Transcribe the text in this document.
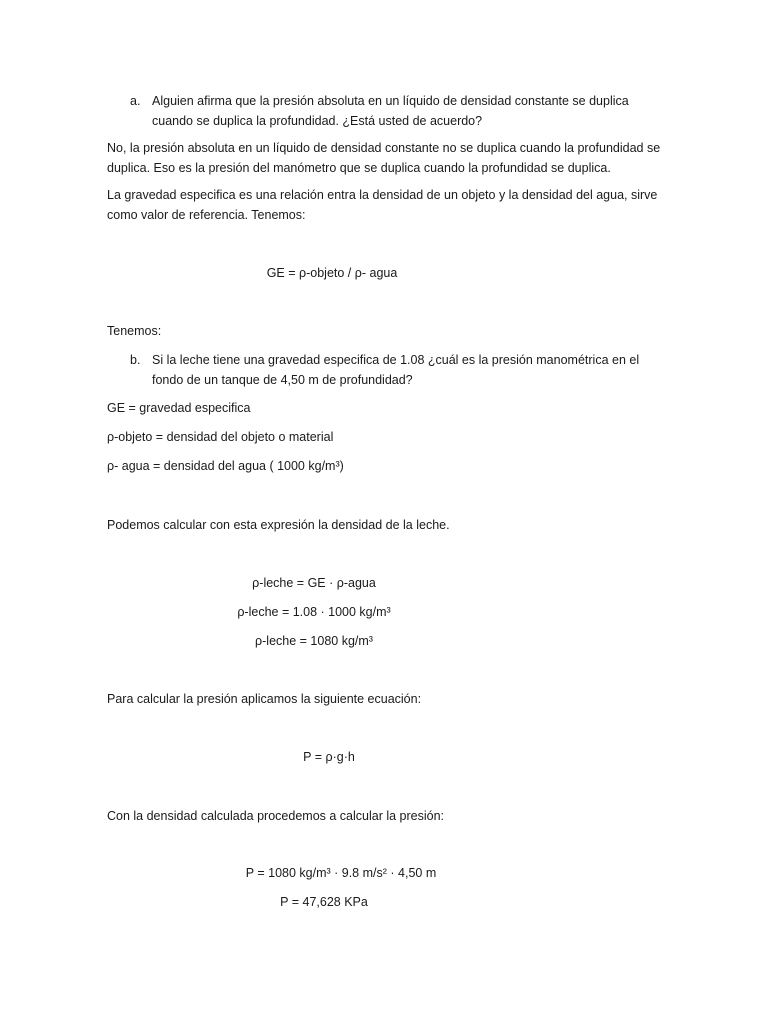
a. Alguien afirma que la presión absoluta en un líquido de densidad constante se duplica cuando se duplica la profundidad. ¿Está usted de acuerdo?

No, la presión absoluta en un líquido de densidad constante no se duplica cuando la profundidad se duplica. Eso es la presión del manómetro que se duplica cuando la profundidad se duplica.

La gravedad especifica es una relación entra la densidad de un objeto y la densidad del agua, sirve como valor de referencia. Tenemos:

GE = ρ-objeto / ρ- agua

Tenemos:

b. Si la leche tiene una gravedad especifica de 1.08 ¿cuál es la presión manométrica en el fondo de un tanque de 4,50 m de profundidad?

GE = gravedad especifica

ρ-objeto = densidad del objeto o material

ρ- agua = densidad del agua ( 1000 kg/m³)

Podemos calcular con esta expresión la densidad de la leche.

ρ-leche = GE · ρ-agua

ρ-leche = 1.08 · 1000 kg/m³

ρ-leche = 1080 kg/m³

Para calcular la presión aplicamos la siguiente ecuación:

P = ρ·g·h

Con la densidad calculada procedemos a calcular la presión:

P = 1080 kg/m³ · 9.8 m/s² · 4,50 m

P = 47,628 KPa
